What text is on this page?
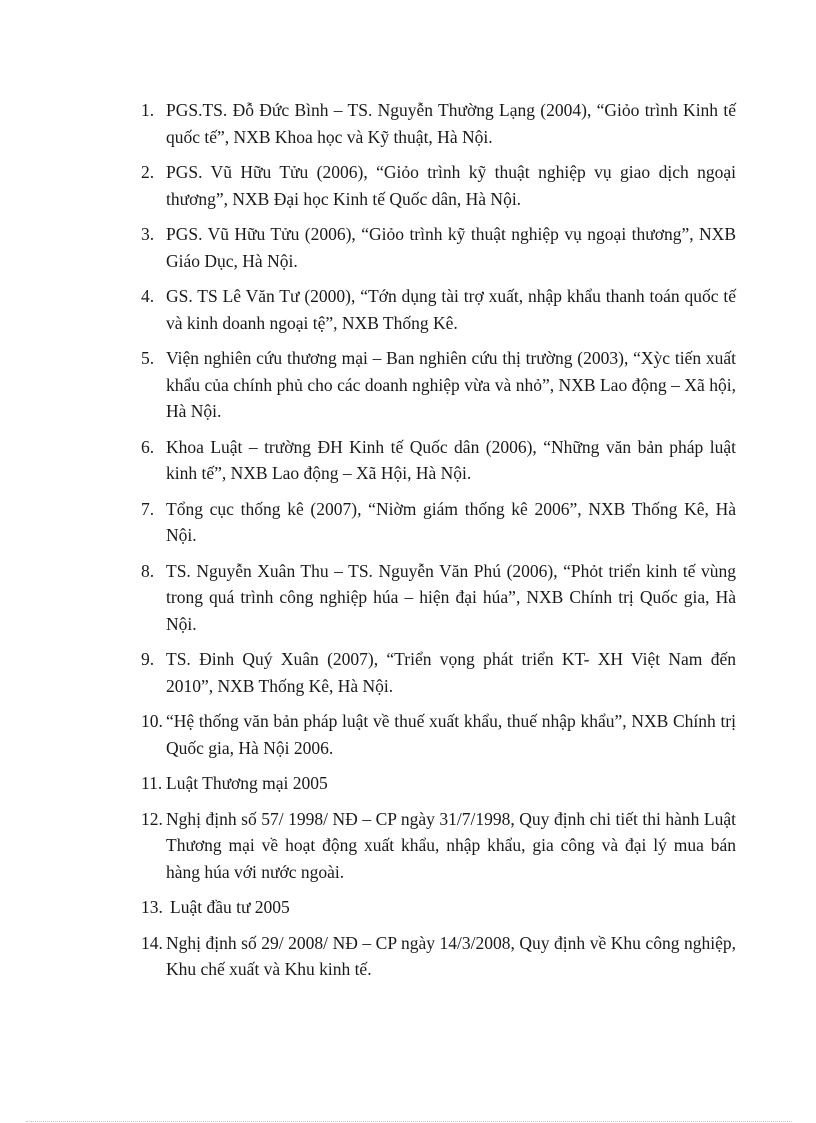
1. PGS.TS. Đỗ Đức Bình – TS. Nguyễn Thường Lạng (2004), “Giỏo trình Kinh tế quốc tế”, NXB Khoa học và Kỹ thuật, Hà Nội.
2. PGS. Vũ Hữu Tửu (2006), “Giỏo trình kỹ thuật nghiệp vụ giao dịch ngoại thương”, NXB Đại học Kinh tế Quốc dân, Hà Nội.
3. PGS. Vũ Hữu Tửu (2006), “Giỏo trình kỹ thuật nghiệp vụ ngoại thương”, NXB Giáo Dục, Hà Nội.
4. GS. TS Lê Văn Tư (2000), “Tớn dụng tài trợ xuất, nhập khẩu thanh toán quốc tế và kinh doanh ngoại tệ”, NXB Thống Kê.
5. Viện nghiên cứu thương mại – Ban nghiên cứu thị trường (2003), “Xỳc tiến xuất khẩu của chính phủ cho các doanh nghiệp vừa và nhỏ”, NXB Lao động – Xã hội, Hà Nội.
6. Khoa Luật – trường ĐH Kinh tế Quốc dân (2006), “Những văn bản pháp luật kinh tế”, NXB Lao động – Xã Hội, Hà Nội.
7. Tổng cục thống kê (2007), “Niờm giám thống kê 2006”, NXB Thống Kê, Hà Nội.
8. TS. Nguyễn Xuân Thu – TS. Nguyễn Văn Phú (2006), “Phỏt triển kinh tế vùng trong quá trình công nghiệp húa – hiện đại húa”, NXB Chính trị Quốc gia, Hà Nội.
9. TS. Đinh Quý Xuân (2007), “Triển vọng phát triển KT- XH Việt Nam đến 2010”, NXB Thống Kê, Hà Nội.
10. “Hệ thống văn bản pháp luật về thuế xuất khẩu, thuế nhập khẩu”, NXB Chính trị Quốc gia, Hà Nội 2006.
11. Luật Thương mại 2005
12. Nghị định số 57/ 1998/ NĐ – CP ngày 31/7/1998, Quy định chi tiết thi hành Luật Thương mại về hoạt động xuất khẩu, nhập khẩu, gia công và đại lý mua bán hàng húa với nước ngoài.
13. Luật đầu tư 2005
14. Nghị định số 29/ 2008/ NĐ – CP ngày 14/3/2008, Quy định về Khu công nghiệp, Khu chế xuất và Khu kinh tế.
